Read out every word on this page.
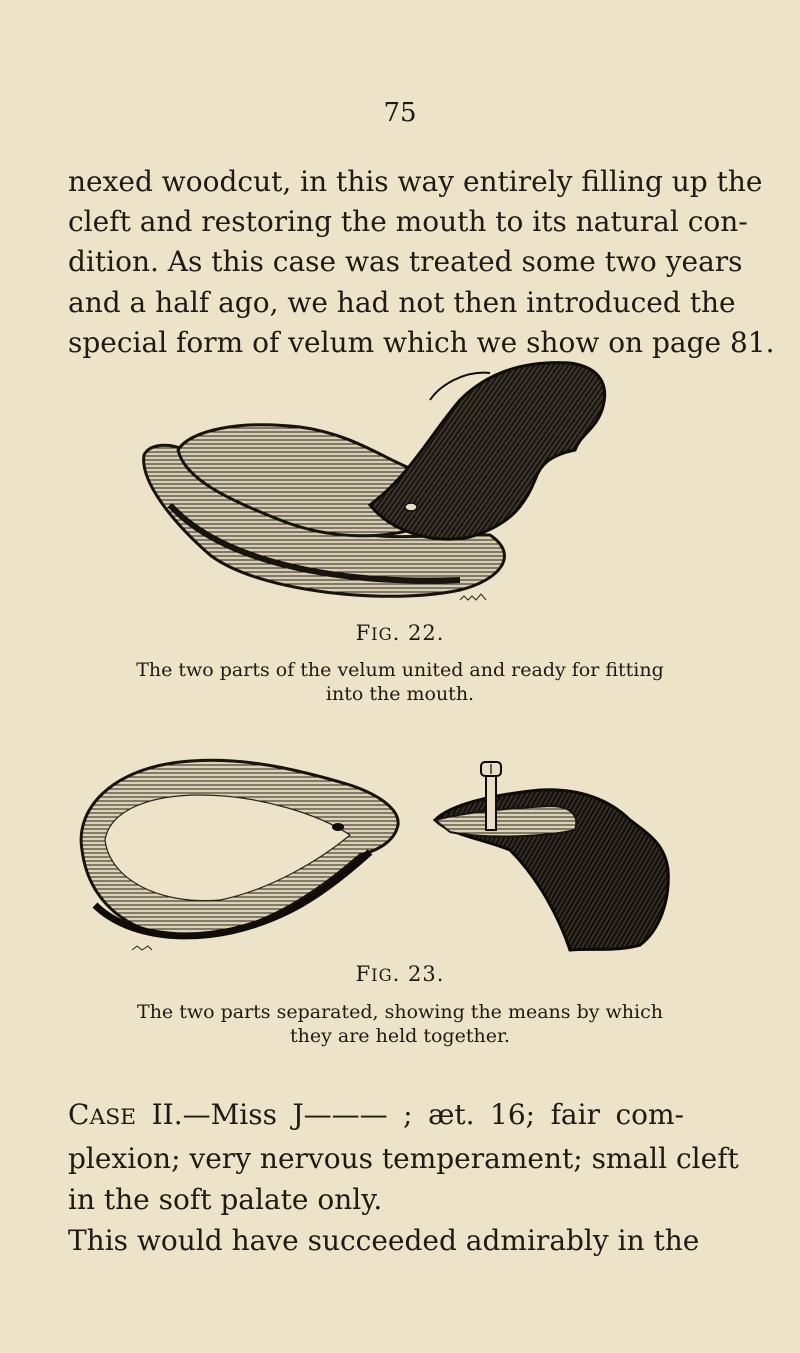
75
nexed woodcut, in this way entirely filling up the
cleft and restoring the mouth to its natural con-
dition. As this case was treated some two years
and a half ago, we had not then introduced the
special form of velum which we show on page 81.
FIG. 22.
The two parts of the velum united and ready for fitting
into the mouth.
FIG. 23.
The two parts separated, showing the means by which
they are held together.
CASE II.—Miss J——— ; æt. 16; fair com-
plexion; very nervous temperament; small cleft
in the soft palate only.
This would have succeeded admirably in the
